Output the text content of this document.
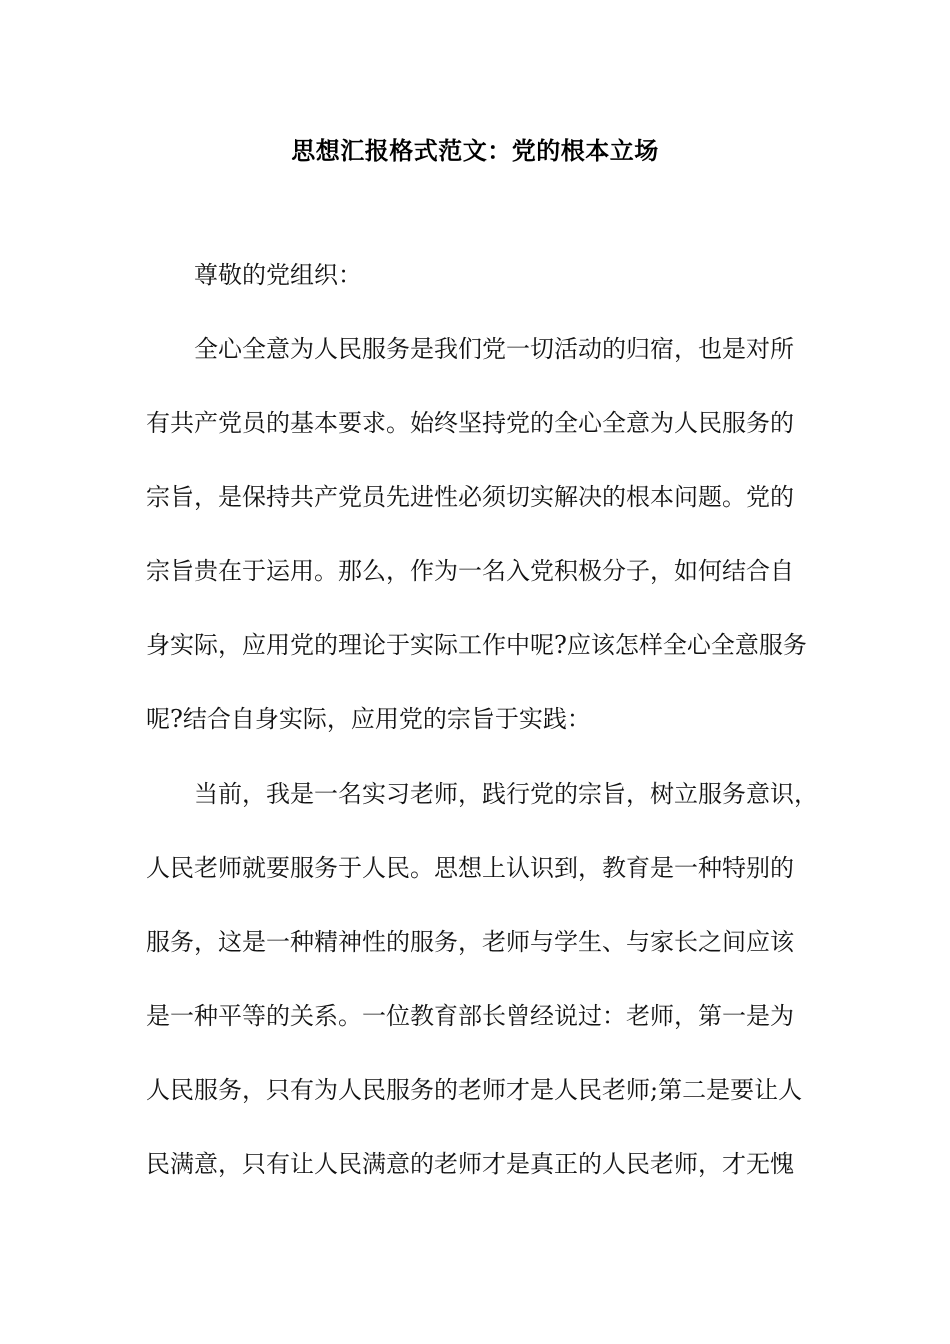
思想汇报格式范文：党的根本立场
尊敬的党组织：
全心全意为人民服务是我们党一切活动的归宿，也是对所
有共产党员的基本要求。始终坚持党的全心全意为人民服务的
宗旨，是保持共产党员先进性必须切实解决的根本问题。党的
宗旨贵在于运用。那么，作为一名入党积极分子，如何结合自
身实际，应用党的理论于实际工作中呢?应该怎样全心全意服务
呢?结合自身实际，应用党的宗旨于实践：
当前，我是一名实习老师，践行党的宗旨，树立服务意识，
人民老师就要服务于人民。思想上认识到，教育是一种特别的
服务，这是一种精神性的服务，老师与学生、与家长之间应该
是一种平等的关系。一位教育部长曾经说过：老师，第一是为
人民服务，只有为人民服务的老师才是人民老师;第二是要让人
民满意，只有让人民满意的老师才是真正的人民老师，才无愧
